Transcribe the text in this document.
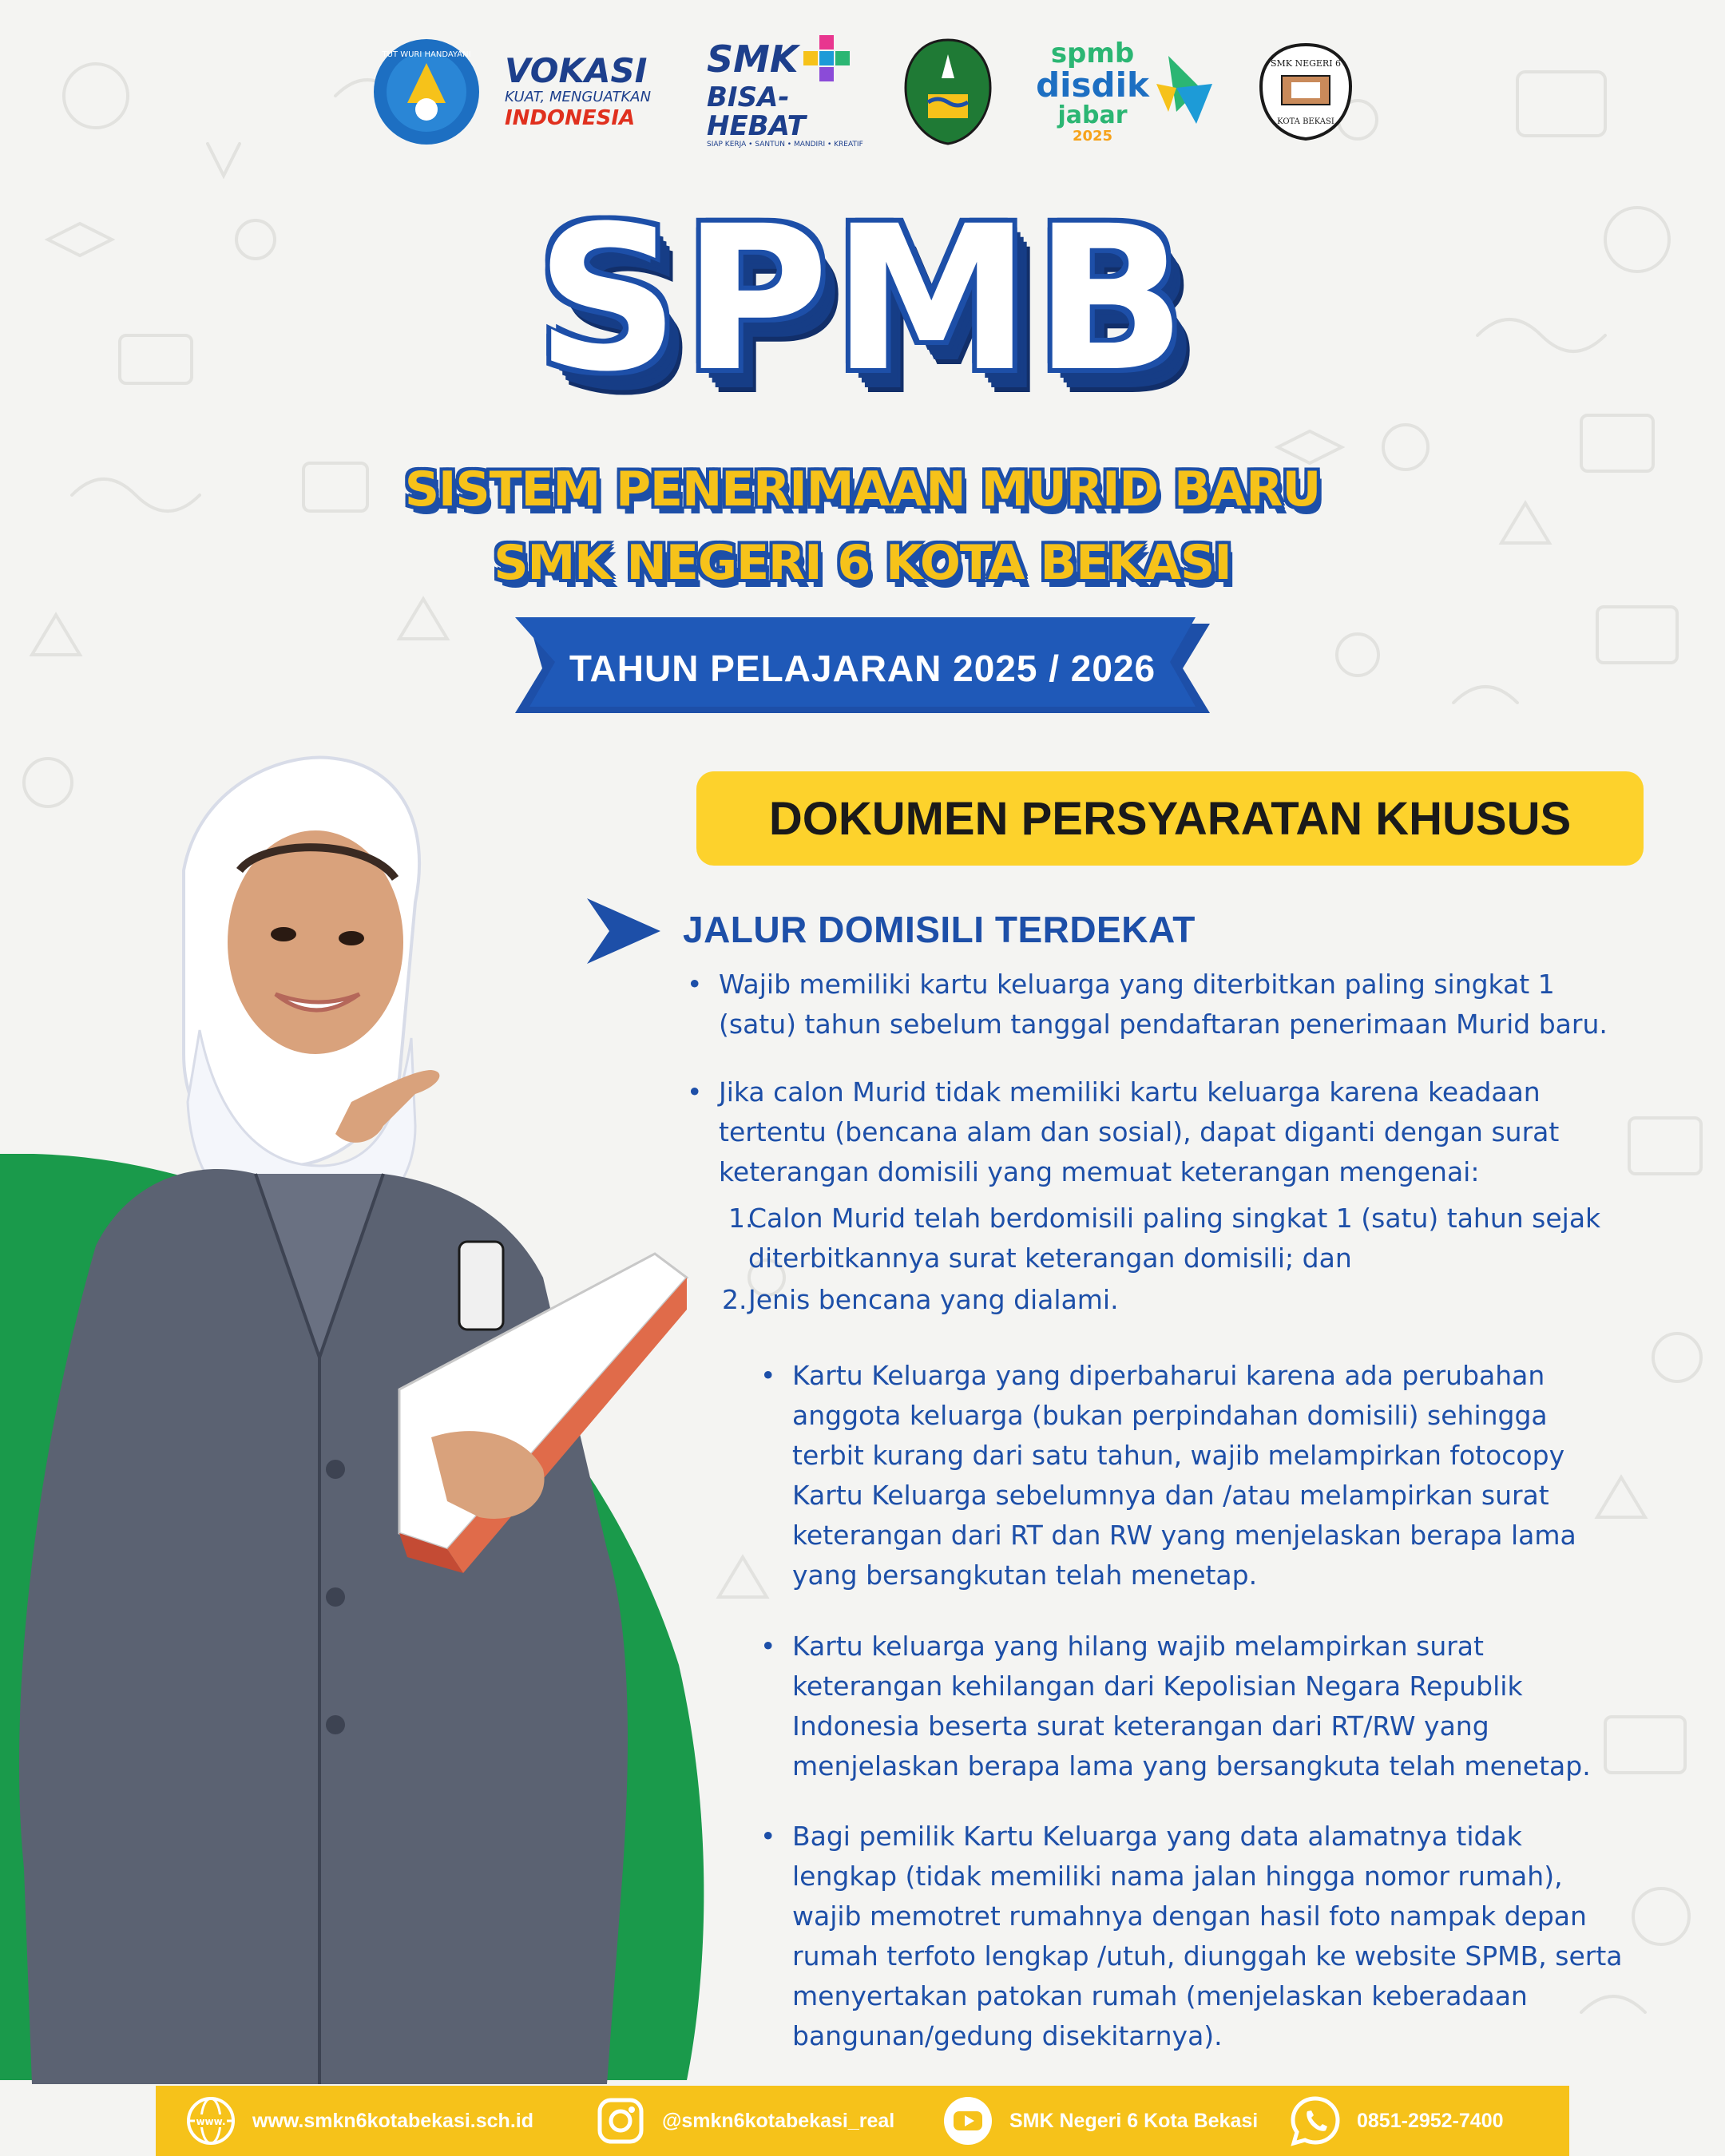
TUT WURI HANDAYANI VOKASI
KUAT, MENGUATKAN
INDONESIA
SMK
BISA-HEBAT
SIAP KERJA • SANTUN • MANDIRI • KREATIF
spmb
disdik
jabar
2025
SMK NEGERI 6
KOTA BEKASI
SPMB
SISTEM PENERIMAAN MURID BARU
SMK NEGERI 6 KOTA BEKASI
TAHUN PELAJARAN 2025 / 2026
DOKUMEN PERSYARATAN KHUSUS
JALUR DOMISILI TERDEKAT
• Wajib memiliki kartu keluarga yang diterbitkan paling singkat 1
(satu) tahun sebelum tanggal pendaftaran penerimaan Murid baru.
• Jika calon Murid tidak memiliki kartu keluarga karena keadaan
tertentu (bencana alam dan sosial), dapat diganti dengan surat
keterangan domisili yang memuat keterangan mengenai:
1.
Calon Murid telah berdomisili paling singkat 1 (satu) tahun sejak
diterbitkannya surat keterangan domisili; dan
2. Jenis bencana yang dialami.
• Kartu Keluarga yang diperbaharui karena ada perubahan
anggota keluarga (bukan perpindahan domisili) sehingga
terbit kurang dari satu tahun, wajib melampirkan fotocopy
Kartu Keluarga sebelumnya dan /atau melampirkan surat
keterangan dari RT dan RW yang menjelaskan berapa lama
yang bersangkutan telah menetap.
• Kartu keluarga yang hilang wajib melampirkan surat
keterangan kehilangan dari Kepolisian Negara Republik
Indonesia beserta surat keterangan dari RT/RW yang
menjelaskan berapa lama yang bersangkuta telah menetap.
• Bagi pemilik Kartu Keluarga yang data alamatnya tidak
lengkap (tidak memiliki nama jalan hingga nomor rumah),
wajib memotret rumahnya dengan hasil foto nampak depan
rumah terfoto lengkap /utuh, diunggah ke website SPMB, serta
menyertakan patokan rumah (menjelaskan keberadaan
bangunan/gedung disekitarnya).
www. www.smkn6kotabekasi.sch.id	@smkn6kotabekasi_real	SMK Negeri 6 Kota Bekasi	0851-2952-7400
